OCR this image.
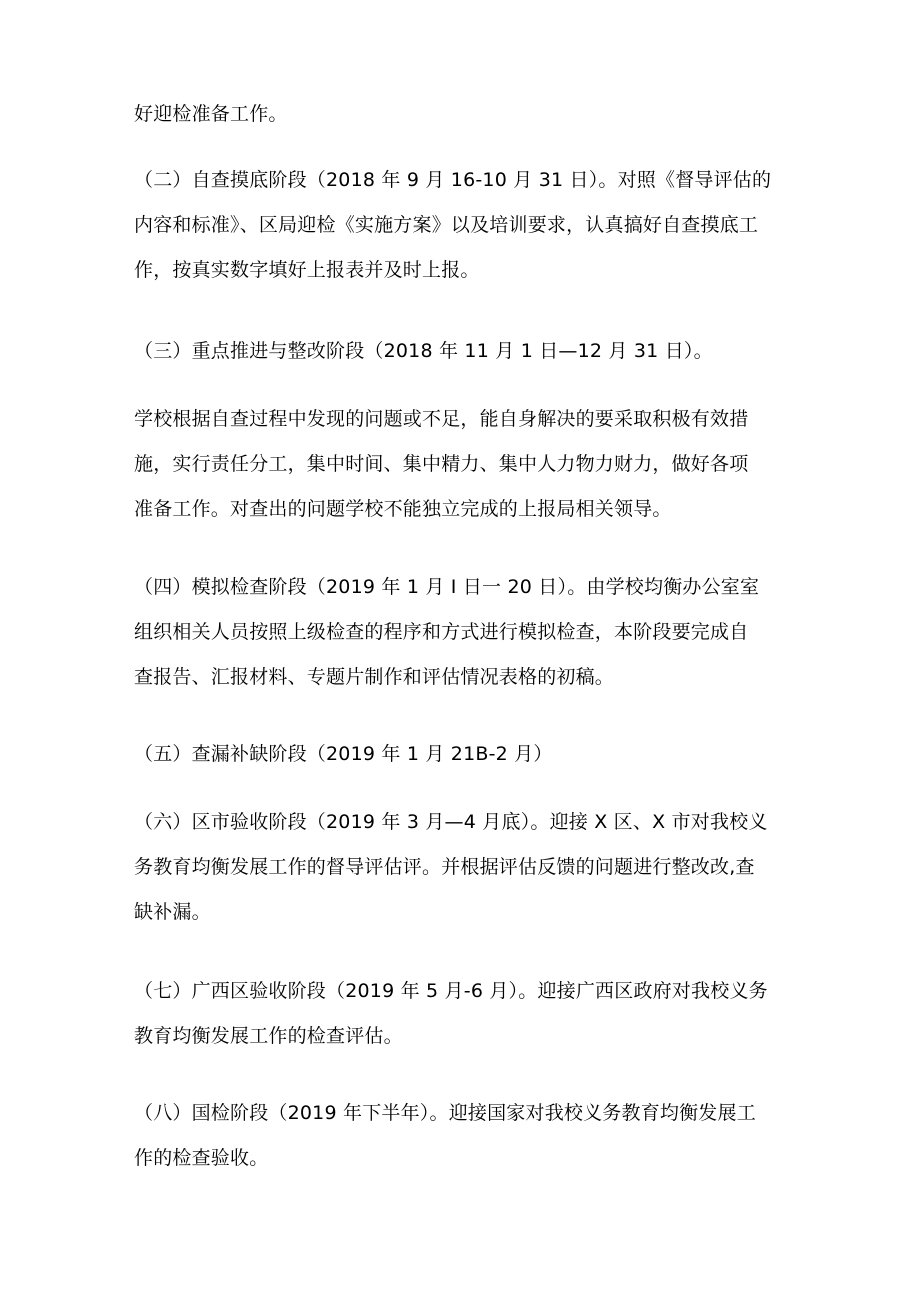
好迎检准备工作。

（二）自查摸底阶段（2018 年 9 月 16-10 月 31 日）。对照《督导评估的
内容和标准》、区局迎检《实施方案》以及培训要求，认真搞好自查摸底工
作，按真实数字填好上报表并及时上报。

（三）重点推进与整改阶段（2018 年 11 月 1 日—12 月 31 日）。

学校根据自查过程中发现的问题或不足，能自身解决的要采取积极有效措
施，实行责任分工，集中时间、集中精力、集中人力物力财力，做好各项
准备工作。对查出的问题学校不能独立完成的上报局相关领导。

（四）模拟检查阶段（2019 年 1 月 I 日一 20 日）。由学校均衡办公室室
组织相关人员按照上级检查的程序和方式进行模拟检查，本阶段要完成自
查报告、汇报材料、专题片制作和评估情况表格的初稿。

（五）查漏补缺阶段（2019 年 1 月 21B-2 月）

（六）区市验收阶段（2019 年 3 月—4 月底）。迎接 X 区、X 市对我校义
务教育均衡发展工作的督导评估评。并根据评估反馈的问题进行整改改,查
缺补漏。

（七）广西区验收阶段（2019 年 5 月-6 月）。迎接广西区政府对我校义务
教育均衡发展工作的检查评估。

（八）国检阶段（2019 年下半年）。迎接国家对我校义务教育均衡发展工
作的检查验收。
